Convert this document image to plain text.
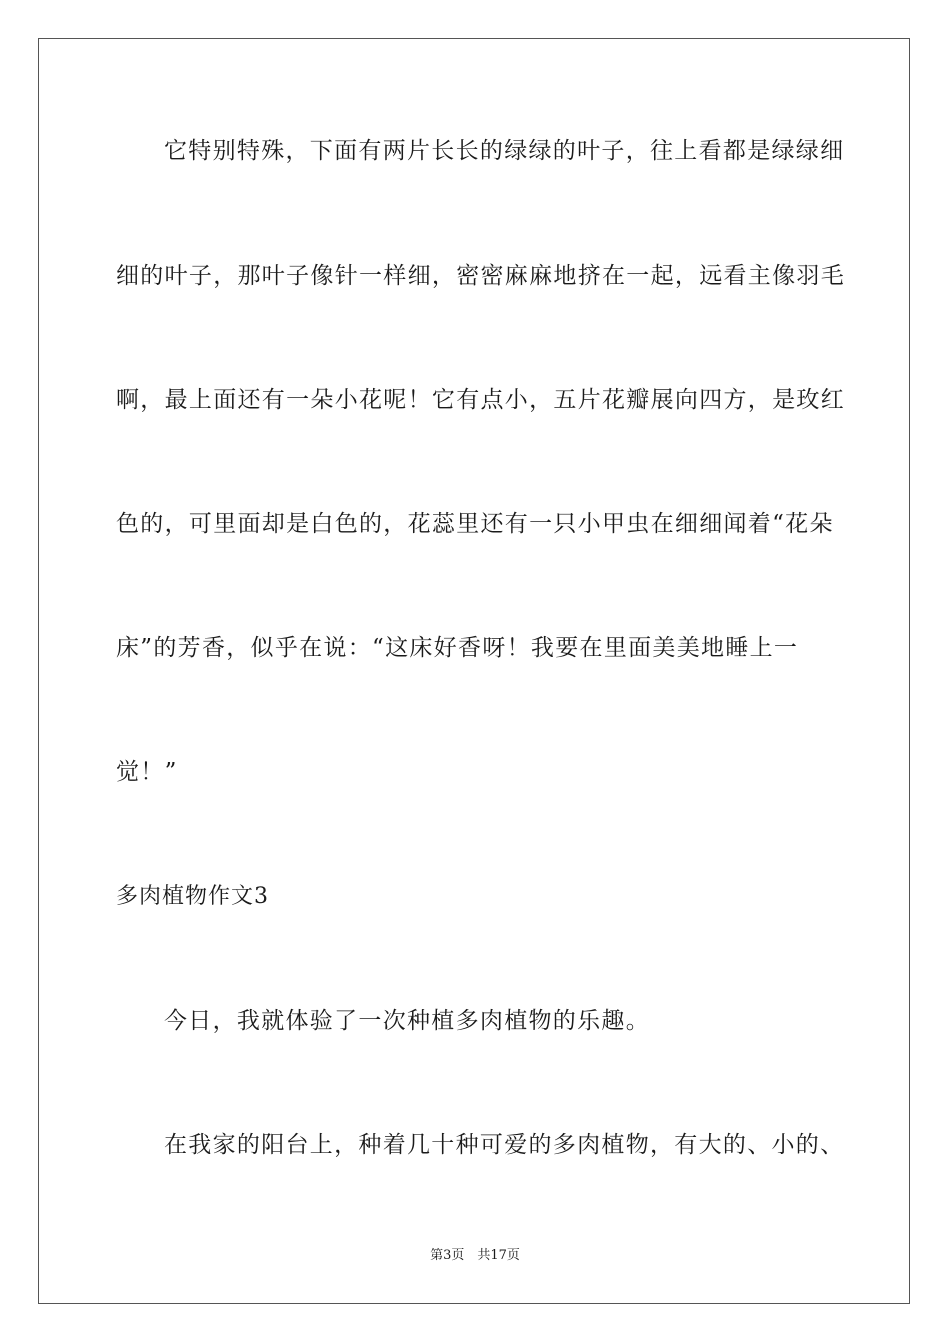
它特别特殊，下面有两片长长的绿绿的叶子，往上看都是绿绿细
细的叶子，那叶子像针一样细，密密麻麻地挤在一起，远看主像羽毛
啊，最上面还有一朵小花呢！它有点小，五片花瓣展向四方，是玫红
色的，可里面却是白色的，花蕊里还有一只小甲虫在细细闻着“花朵
床”的芳香，似乎在说：“这床好香呀！我要在里面美美地睡上一
觉！”
多肉植物作文3
今日，我就体验了一次种植多肉植物的乐趣。
在我家的阳台上，种着几十种可爱的多肉植物，有大的、小的、
第3页　共17页
